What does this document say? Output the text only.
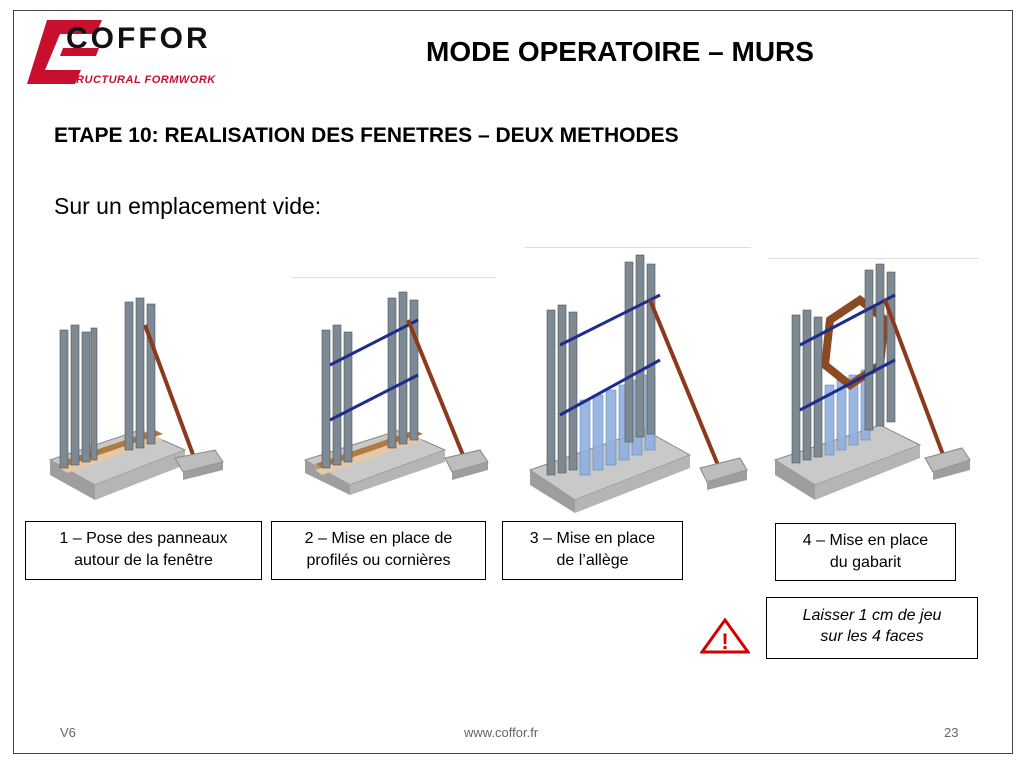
COFFOR
STRUCTURAL FORMWORK
MODE OPERATOIRE – MURS
ETAPE 10: REALISATION DES FENETRES – DEUX METHODES
Sur un emplacement vide:
1 – Pose des panneaux
autour de la fenêtre
2 – Mise en place de
profilés ou cornières
3 – Mise en place
de l’allège
4 – Mise en place
du gabarit
!
Laisser 1 cm de jeu
sur les 4 faces
V6	www.coffor.fr	23
